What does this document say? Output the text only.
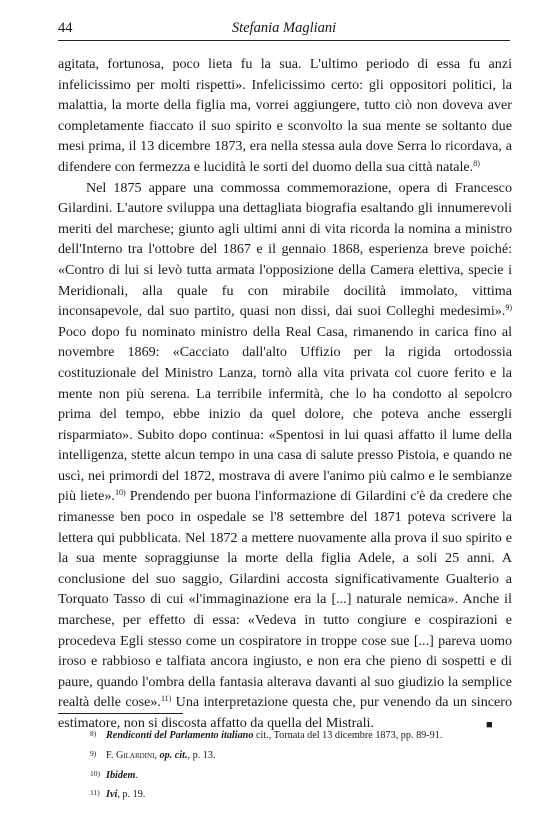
44	Stefania Magliani

agitata, fortunosa, poco lieta fu la sua. L'ultimo periodo di essa fu anzi infelicissimo per molti rispetti». Infelicissimo certo: gli oppositori politici, la malattia, la morte della figlia ma, vorrei aggiungere, tutto ciò non doveva aver completamente fiaccato il suo spirito e sconvolto la sua mente se soltanto due mesi prima, il 13 dicembre 1873, era nella stessa aula dove Serra lo ricordava, a difendere con fermezza e lucidità le sorti del duomo della sua città natale.$^{8)}$

Nel 1875 appare una commossa commemorazione, opera di Francesco Gilardini. L'autore sviluppa una dettagliata biografia esaltando gli innumerevoli meriti del marchese; giunto agli ultimi anni di vita ricorda la nomina a ministro dell'Interno tra l'ottobre del 1867 e il gennaio 1868, esperienza breve poiché: «Contro di lui si levò tutta armata l'opposizione della Camera elettiva, specie i Meridionali, alla quale fu con mirabile docilità immolato, vittima inconsapevole, dal suo partito, quasi non dissi, dai suoi Colleghi medesimi».$^{9)}$ Poco dopo fu nominato ministro della Real Casa, rimanendo in carica fino al novembre 1869: «Cacciato dall'alto Uffizio per la rigida ortodossia costituzionale del Ministro Lanza, tornò alla vita privata col cuore ferito e la mente non più serena. La terribile infermità, che lo ha condotto al sepolcro prima del tempo, ebbe inizio da quel dolore, che poteva anche essergli risparmiato». Subito dopo continua: «Spentosi in lui quasi affatto il lume della intelligenza, stette alcun tempo in una casa di salute presso Pistoia, e quando ne uscì, nei primordi del 1872, mostrava di avere l'animo più calmo e le sembianze più liete».$^{10)}$ Prendendo per buona l'informazione di Gilardini c'è da credere che rimanesse ben poco in ospedale se l'8 settembre del 1871 poteva scrivere la lettera qui pubblicata. Nel 1872 a mettere nuovamente alla prova il suo spirito e la sua mente sopraggiunse la morte della figlia Adele, a soli 25 anni. A conclusione del suo saggio, Gilardini accosta significativamente Gualterio a Torquato Tasso di cui «l'immaginazione era la [...] naturale nemica». Anche il marchese, per effetto di essa: «Vedeva in tutto congiure e cospirazioni e procedeva Egli stesso come un cospiratore in troppe cose sue [...] pareva uomo iroso e rabbioso e talfiata ancora ingiusto, e non era che pieno di sospetti e di paure, quando l'ombra della fantasia alterava davanti al suo giudizio la semplice realtà delle cose».$^{11)}$ Una interpretazione questa che, pur venendo da un sincero estimatore, non si discosta affatto da quella del Mistrali.	■
8) Rendiconti del Parlamento italiano cit., Tornata del 13 dicembre 1873, pp. 89-91.
9) F. Gilardini, op. cit., p. 13.
10) Ibidem.
11) Ivi, p. 19.
